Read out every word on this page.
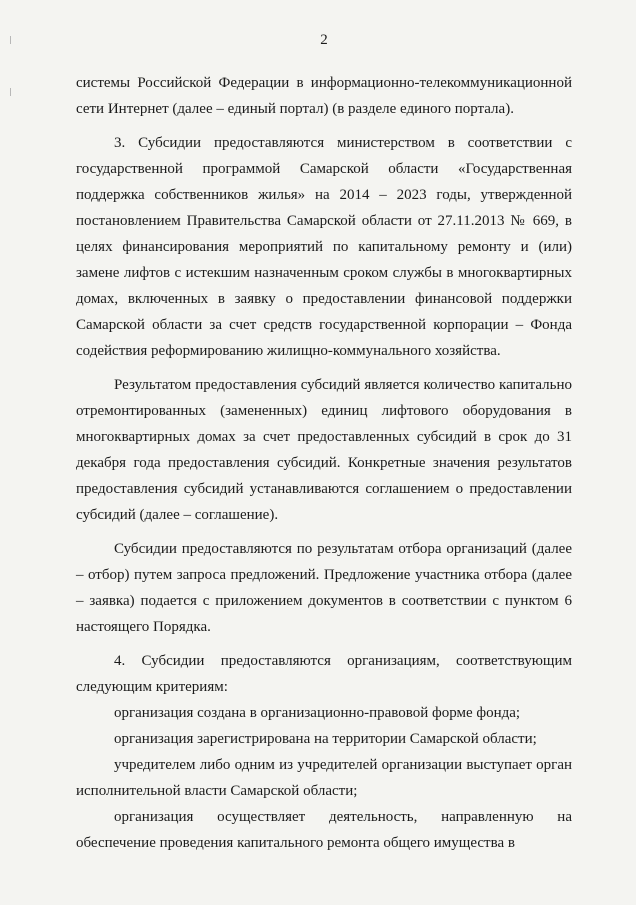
2

системы Российской Федерации в информационно-телекоммуникационной сети Интернет (далее – единый портал) (в разделе единого портала).

3. Субсидии предоставляются министерством в соответствии с государственной программой Самарской области «Государственная поддержка собственников жилья» на 2014 – 2023 годы, утвержденной постановлением Правительства Самарской области от 27.11.2013 № 669, в целях финансирования мероприятий по капитальному ремонту и (или) замене лифтов с истекшим назначенным сроком службы в многоквартирных домах, включенных в заявку о предоставлении финансовой поддержки Самарской области за счет средств государственной корпорации – Фонда содействия реформированию жилищно-коммунального хозяйства.

Результатом предоставления субсидий является количество капитально отремонтированных (замененных) единиц лифтового оборудования в многоквартирных домах за счет предоставленных субсидий в срок до 31 декабря года предоставления субсидий. Конкретные значения результатов предоставления субсидий устанавливаются соглашением о предоставлении субсидий (далее – соглашение).

Субсидии предоставляются по результатам отбора организаций (далее – отбор) путем запроса предложений. Предложение участника отбора (далее – заявка) подается с приложением документов в соответствии с пунктом 6 настоящего Порядка.

4. Субсидии предоставляются организациям, соответствующим следующим критериям:

организация создана в организационно-правовой форме фонда;

организация зарегистрирована на территории Самарской области;

учредителем либо одним из учредителей организации выступает орган исполнительной власти Самарской области;

организация осуществляет деятельность, направленную на обеспечение проведения капитального ремонта общего имущества в
